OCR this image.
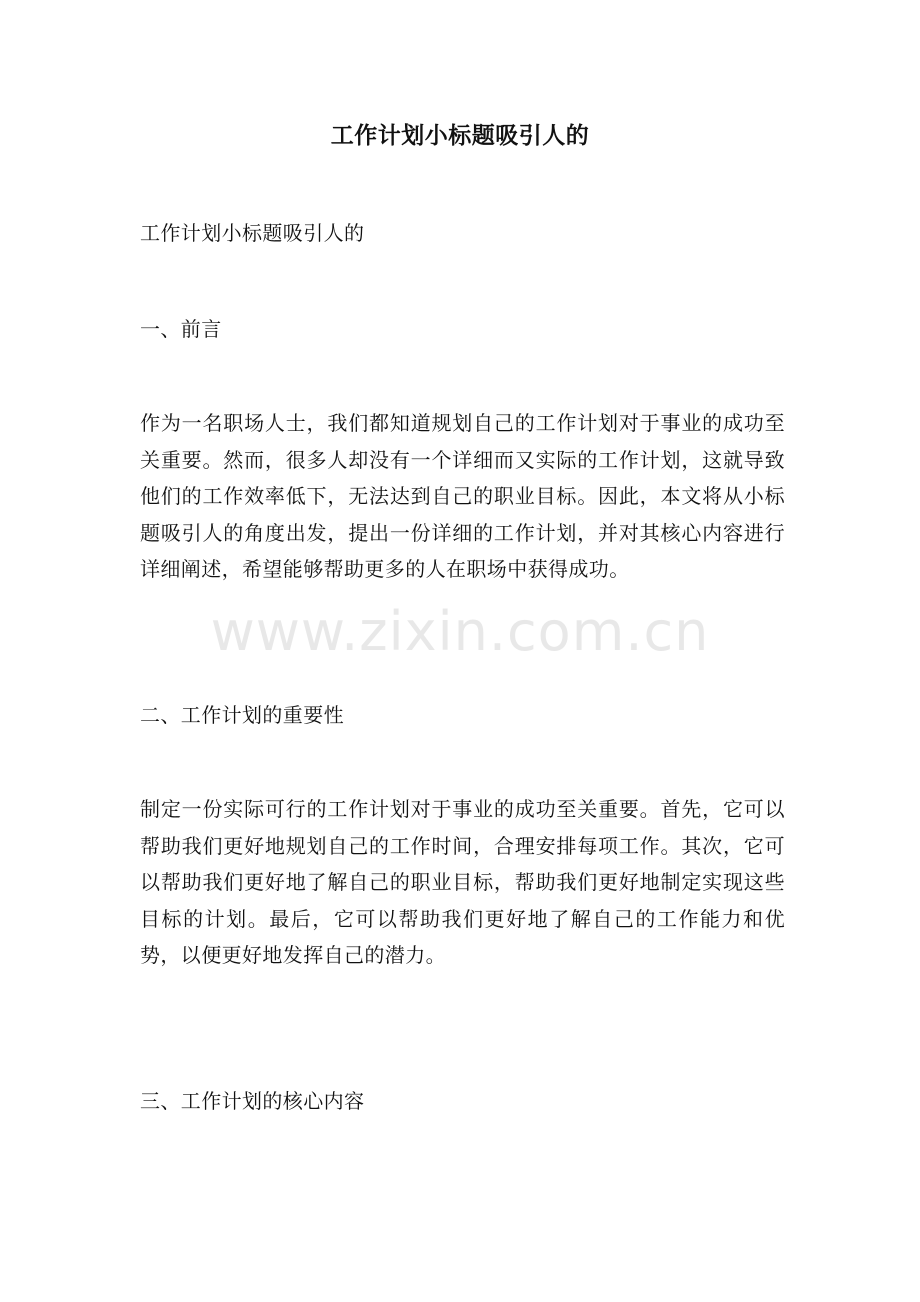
工作计划小标题吸引人的

工作计划小标题吸引人的

一、前言

作为一名职场人士，我们都知道规划自己的工作计划对于事业的成功至关重要。然而，很多人却没有一个详细而又实际的工作计划，这就导致他们的工作效率低下，无法达到自己的职业目标。因此，本文将从小标题吸引人的角度出发，提出一份详细的工作计划，并对其核心内容进行详细阐述，希望能够帮助更多的人在职场中获得成功。

二、工作计划的重要性

制定一份实际可行的工作计划对于事业的成功至关重要。首先，它可以帮助我们更好地规划自己的工作时间，合理安排每项工作。其次，它可以帮助我们更好地了解自己的职业目标，帮助我们更好地制定实现这些目标的计划。最后，它可以帮助我们更好地了解自己的工作能力和优势，以便更好地发挥自己的潜力。

三、工作计划的核心内容

www.zixin.com.cn
